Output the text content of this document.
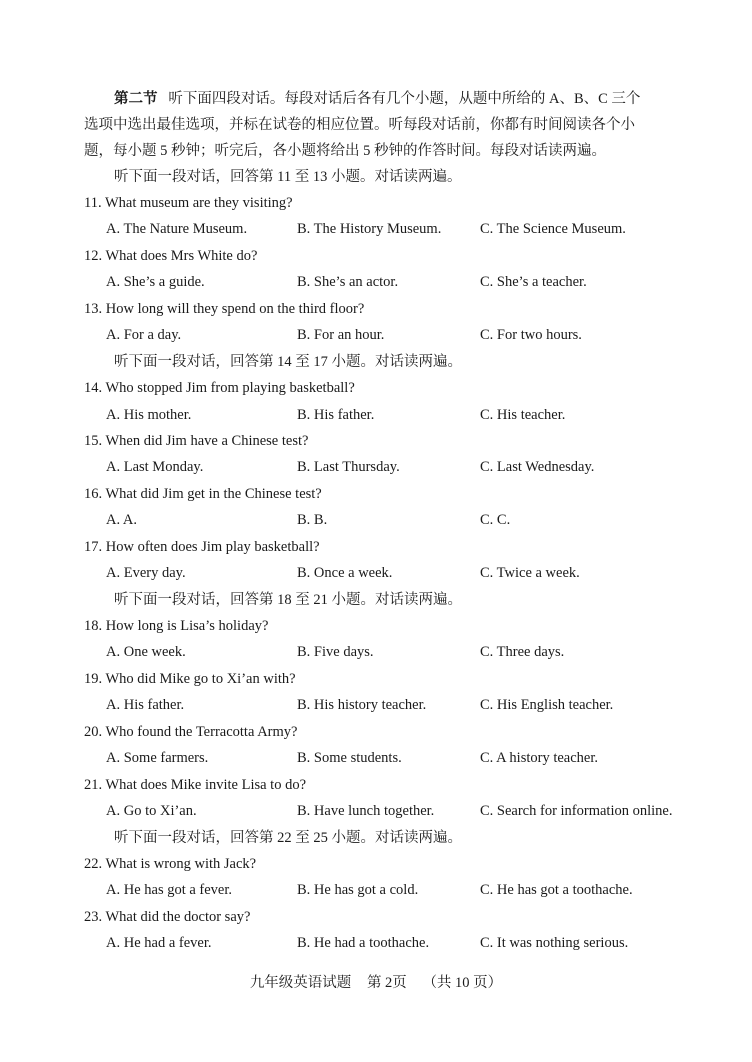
第二节 听下面四段对话。每段对话后各有几个小题，从题中所给的 A、B、C 三个
选项中选出最佳选项，并标在试卷的相应位置。听每段对话前，你都有时间阅读各个小
题，每小题 5 秒钟；听完后，各小题将给出 5 秒钟的作答时间。每段对话读两遍。
听下面一段对话，回答第 11 至 13 小题。对话读两遍。
11. What museum are they visiting?
A. The Nature Museum.	B. The History Museum.	C. The Science Museum.
12. What does Mrs White do?
A. She’s a guide.	B. She’s an actor.	C. She’s a teacher.
13. How long will they spend on the third floor?
A. For a day.	B. For an hour.	C. For two hours.
听下面一段对话，回答第 14 至 17 小题。对话读两遍。
14. Who stopped Jim from playing basketball?
A. His mother.	B. His father.	C. His teacher.
15. When did Jim have a Chinese test?
A. Last Monday.	B. Last Thursday.	C. Last Wednesday.
16. What did Jim get in the Chinese test?
A. A.	B. B.	C. C.
17. How often does Jim play basketball?
A. Every day.	B. Once a week.	C. Twice a week.
听下面一段对话，回答第 18 至 21 小题。对话读两遍。
18. How long is Lisa’s holiday?
A. One week.	B. Five days.	C. Three days.
19. Who did Mike go to Xi’an with?
A. His father.	B. His history teacher.	C. His English teacher.
20. Who found the Terracotta Army?
A. Some farmers.	B. Some students.	C. A history teacher.
21. What does Mike invite Lisa to do?
A. Go to Xi’an.	B. Have lunch together.	C. Search for information online.
听下面一段对话，回答第 22 至 25 小题。对话读两遍。
22. What is wrong with Jack?
A. He has got a fever.	B. He has got a cold.	C. He has got a toothache.
23. What did the doctor say?
A. He had a fever.	B. He had a toothache.	C. It was nothing serious.
九年级英语试题 第 2页 （共 10 页）
